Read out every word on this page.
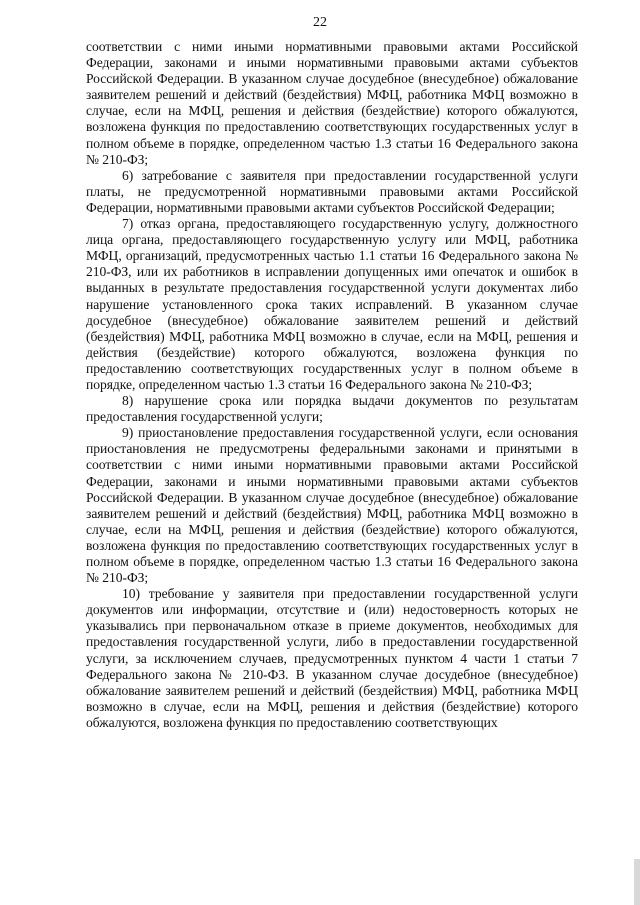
22

соответствии с ними иными нормативными правовыми актами Российской Федерации, законами и иными нормативными правовыми актами субъектов Российской Федерации. В указанном случае досудебное (внесудебное) обжалование заявителем решений и действий (бездействия) МФЦ, работника МФЦ возможно в случае, если на МФЦ, решения и действия (бездействие) которого обжалуются, возложена функция по предоставлению соответствующих государственных услуг в полном объеме в порядке, определенном частью 1.3 статьи 16 Федерального закона № 210-ФЗ;

6) затребование с заявителя при предоставлении государственной услуги платы, не предусмотренной нормативными правовыми актами Российской Федерации, нормативными правовыми актами субъектов Российской Федерации;

7) отказ органа, предоставляющего государственную услугу, должностного лица органа, предоставляющего государственную услугу или МФЦ, работника МФЦ, организаций, предусмотренных частью 1.1 статьи 16 Федерального закона № 210-ФЗ, или их работников в исправлении допущенных ими опечаток и ошибок в выданных в результате предоставления государственной услуги документах либо нарушение установленного срока таких исправлений. В указанном случае досудебное (внесудебное) обжалование заявителем решений и действий (бездействия) МФЦ, работника МФЦ возможно в случае, если на МФЦ, решения и действия (бездействие) которого обжалуются, возложена функция по предоставлению соответствующих государственных услуг в полном объеме в порядке, определенном частью 1.3 статьи 16 Федерального закона № 210-ФЗ;

8) нарушение срока или порядка выдачи документов по результатам предоставления государственной услуги;

9) приостановление предоставления государственной услуги, если основания приостановления не предусмотрены федеральными законами и принятыми в соответствии с ними иными нормативными правовыми актами Российской Федерации, законами и иными нормативными правовыми актами субъектов Российской Федерации. В указанном случае досудебное (внесудебное) обжалование заявителем решений и действий (бездействия) МФЦ, работника МФЦ возможно в случае, если на МФЦ, решения и действия (бездействие) которого обжалуются, возложена функция по предоставлению соответствующих государственных услуг в полном объеме в порядке, определенном частью 1.3 статьи 16 Федерального закона № 210-ФЗ;

10) требование у заявителя при предоставлении государственной услуги документов или информации, отсутствие и (или) недостоверность которых не указывались при первоначальном отказе в приеме документов, необходимых для предоставления государственной услуги, либо в предоставлении государственной услуги, за исключением случаев, предусмотренных пунктом 4 части 1 статьи 7 Федерального закона № 210-ФЗ. В указанном случае досудебное (внесудебное) обжалование заявителем решений и действий (бездействия) МФЦ, работника МФЦ возможно в случае, если на МФЦ, решения и действия (бездействие) которого обжалуются, возложена функция по предоставлению соответствующих
